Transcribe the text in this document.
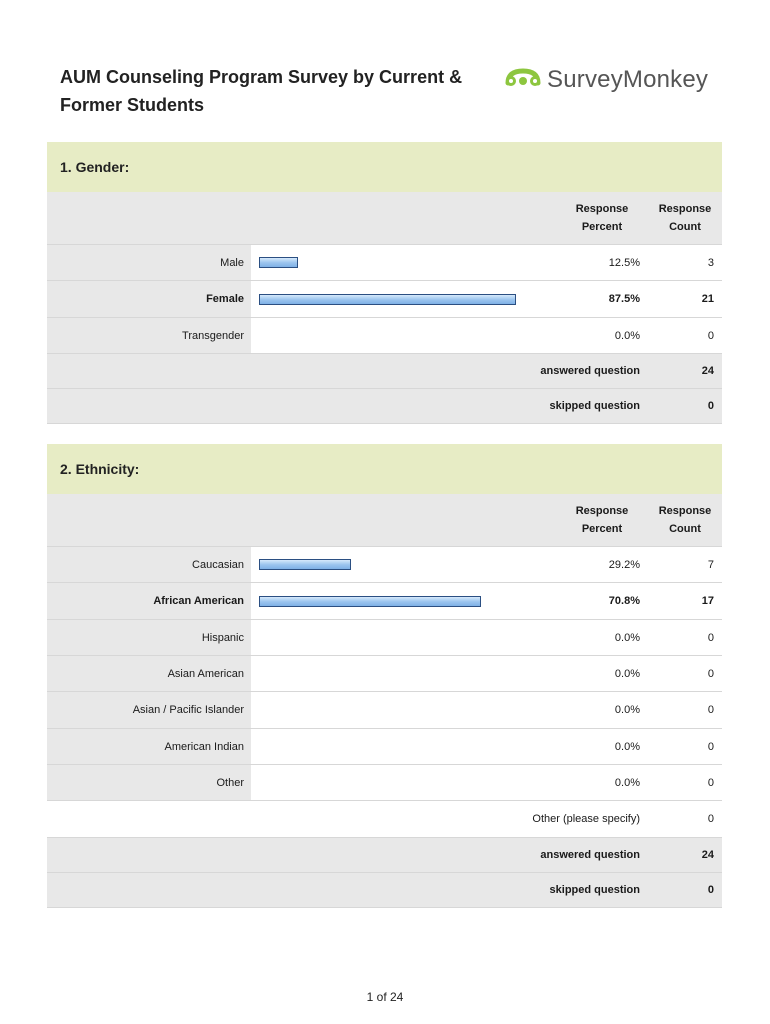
AUM Counseling Program Survey by Current & Former Students
SurveyMonkey
1. Gender:
Response Percent
Response Count
Male	12.5%	3
Female	87.5%	21
Transgender	0.0%	0
answered question	24
skipped question	0
2. Ethnicity:
Response Percent
Response Count
Caucasian	29.2%	7
African American	70.8%	17
Hispanic	0.0%	0
Asian American	0.0%	0
Asian / Pacific Islander	0.0%	0
American Indian	0.0%	0
Other	0.0%	0
Other (please specify)	0
answered question	24
skipped question	0
1 of 24
